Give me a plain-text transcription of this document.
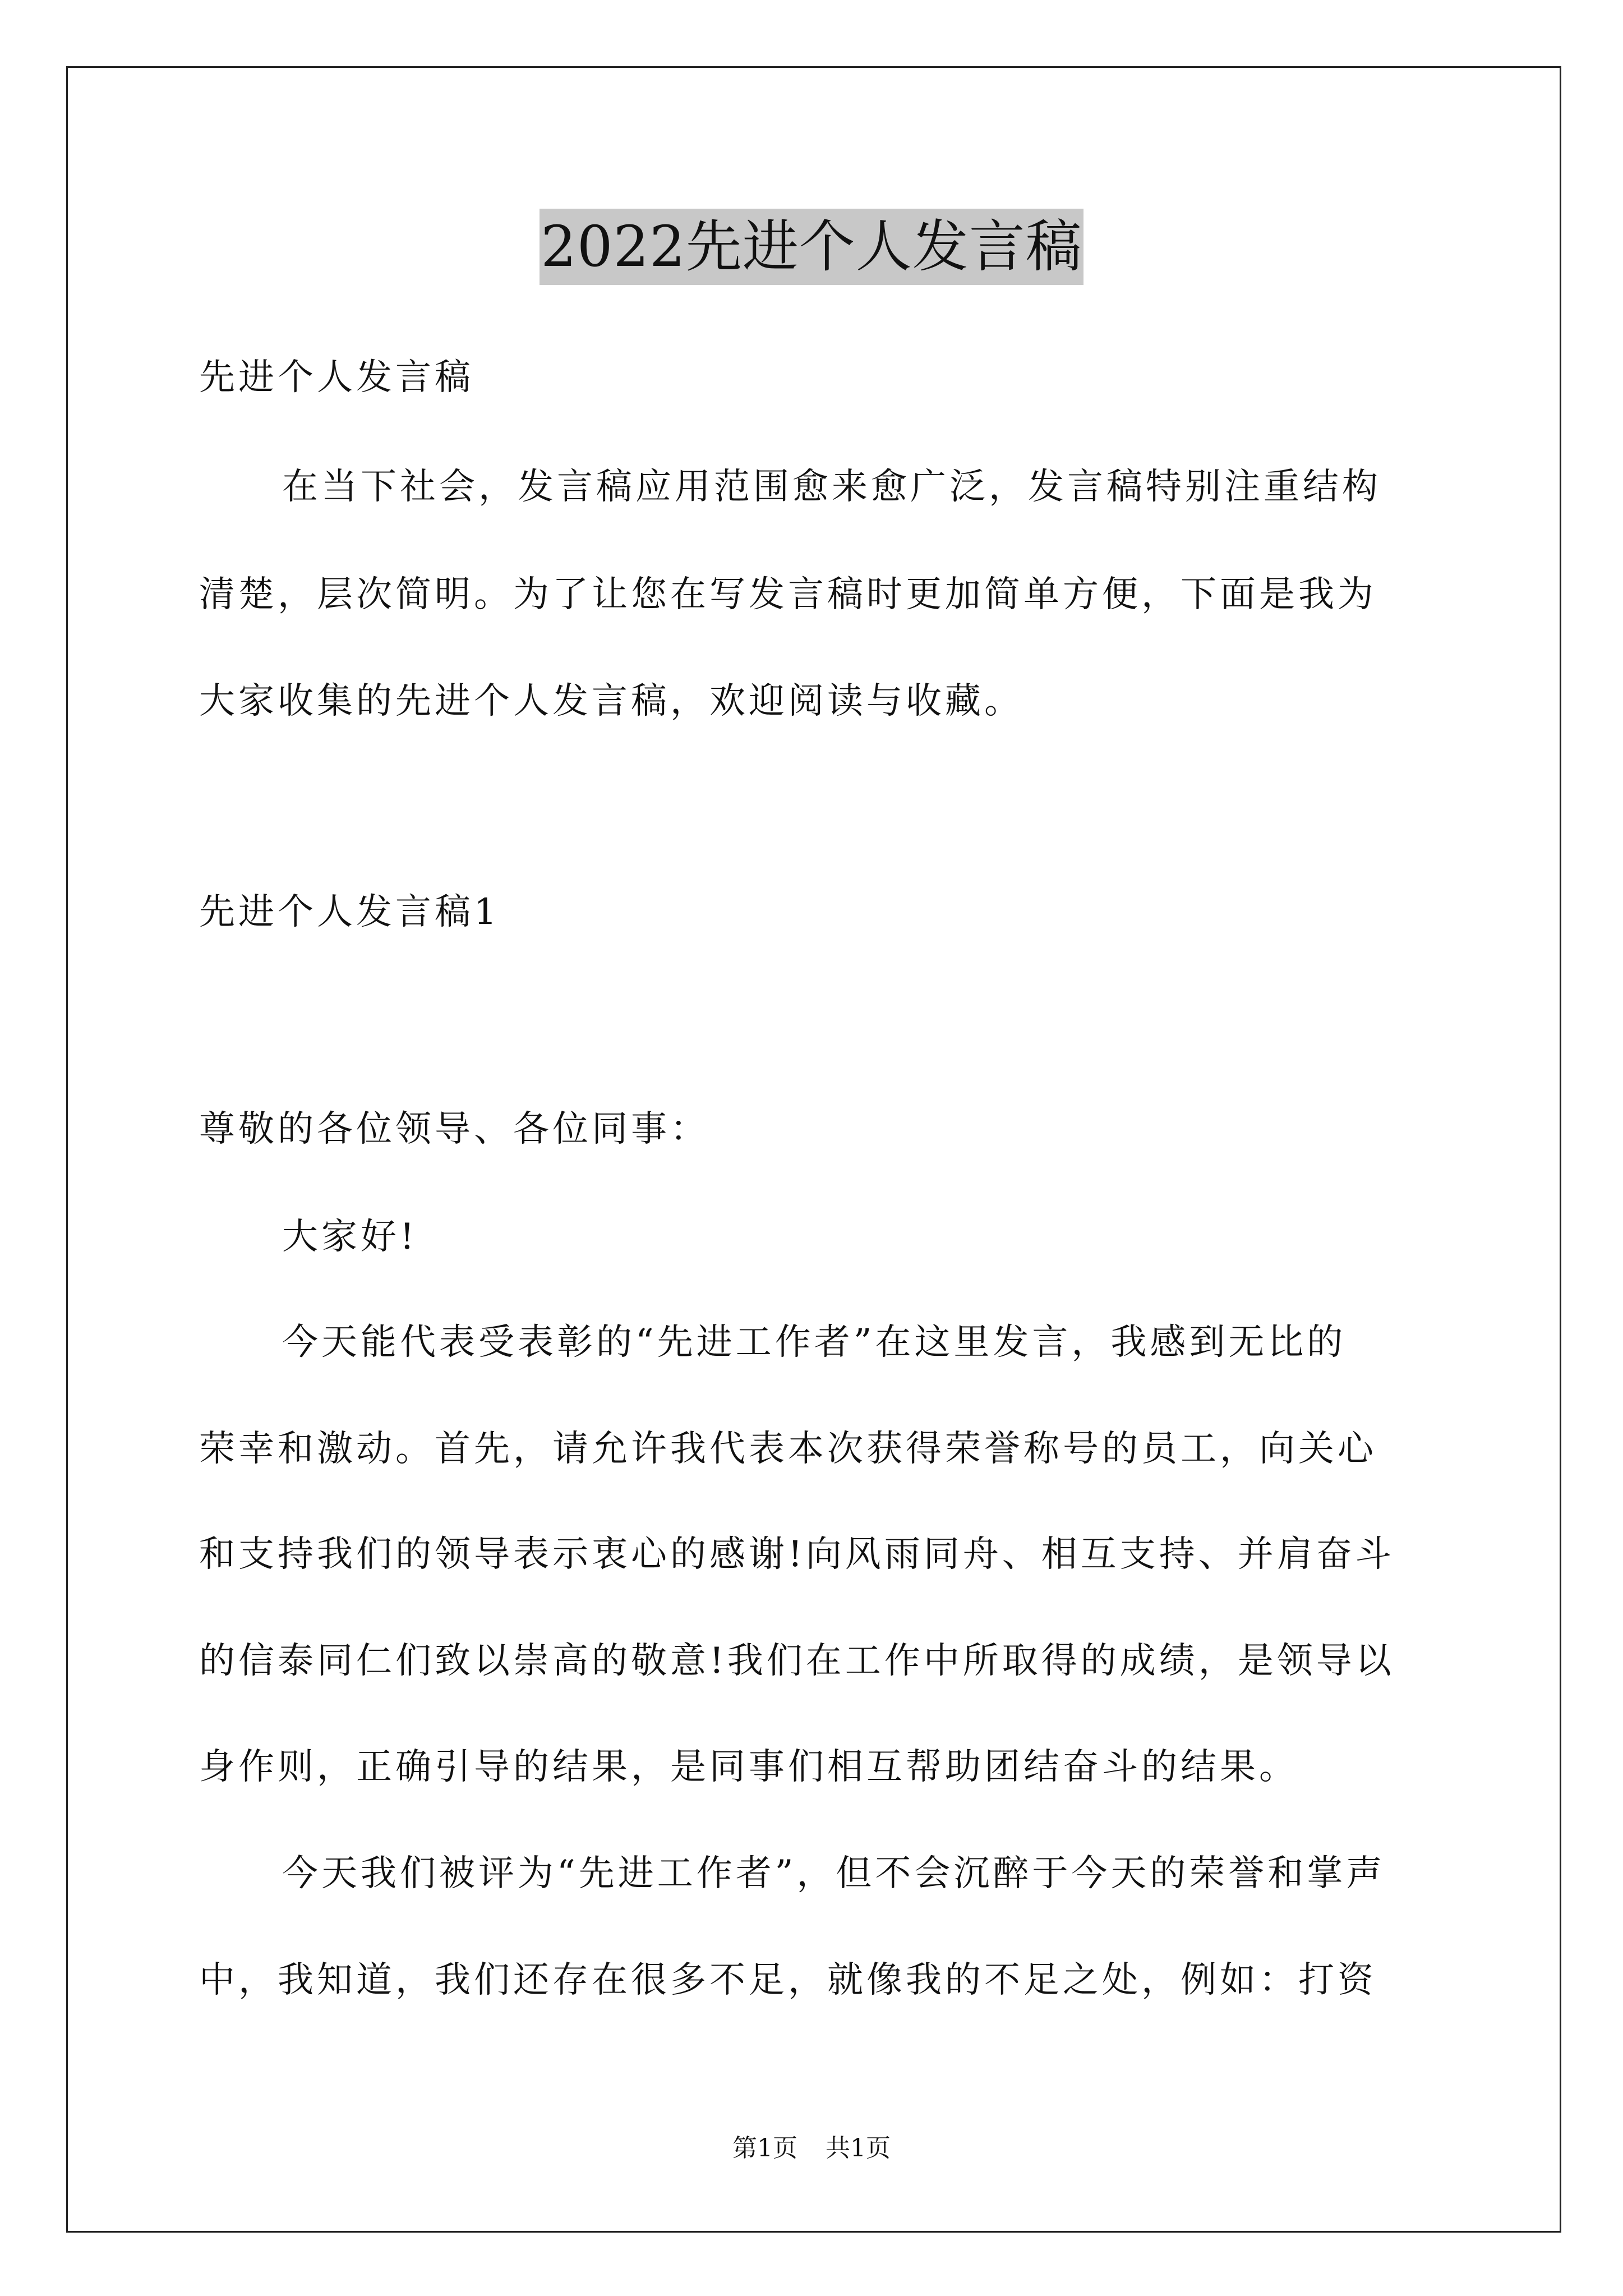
2022先进个人发言稿
先进个人发言稿
在当下社会，发言稿应用范围愈来愈广泛，发言稿特别注重结构
清楚，层次简明。为了让您在写发言稿时更加简单方便，下面是我为
大家收集的先进个人发言稿，欢迎阅读与收藏。
先进个人发言稿1
尊敬的各位领导、各位同事：
大家好!
今天能代表受表彰的“先进工作者”在这里发言，我感到无比的
荣幸和激动。首先，请允许我代表本次获得荣誉称号的员工，向关心
和支持我们的领导表示衷心的感谢!向风雨同舟、相互支持、并肩奋斗
的信泰同仁们致以崇高的敬意!我们在工作中所取得的成绩，是领导以
身作则，正确引导的结果，是同事们相互帮助团结奋斗的结果。
今天我们被评为“先进工作者”，但不会沉醉于今天的荣誉和掌声
中，我知道，我们还存在很多不足，就像我的不足之处，例如：打资
第1页 共1页
